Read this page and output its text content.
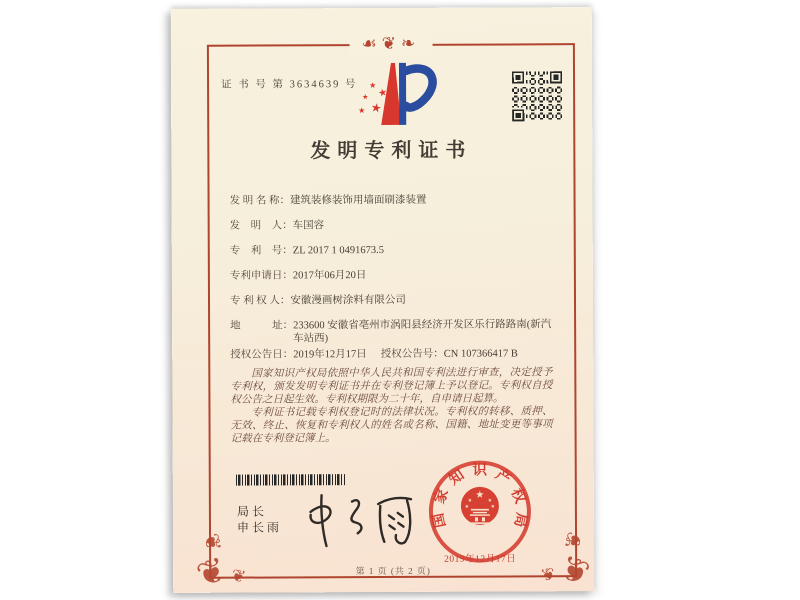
☙❦❧
证 书 号 第 3634639 号 ★
★
★
★
★
发明专利证书
发 明 名 称： 建筑装修装饰用墙面刷漆装置
发　明　人： 车国容
专　利　号： ZL 2017 1 0491673.5
专利申请日： 2017年06月20日
专 利 权 人： 安徽漫画树涂料有限公司
地　　　址： 233600 安徽省亳州市涡阳县经济开发区乐行路路南(新汽车站西)
授权公告日： 2019年12月17日 授权公告号： CN 107366417 B

国家知识产权局依照中华人民共和国专利法进行审查，决定授予专利权，颁发发明专利证书并在专利登记簿上予以登记。专利权自授权公告之日起生效。专利权期限为二十年，自申请日起算。

专利证书记载专利权登记时的法律状况。专利权的转移、质押、无效、终止、恢复和专利权人的姓名或名称、国籍、地址变更等事项记载在专利登记簿上。

局长
申长雨	国
家
知 识 产
权
局
★
★	★
★	★
2019年12月17日
第 1 页 (共 2 页)
❦
❦
❦	❦
❦
❦
